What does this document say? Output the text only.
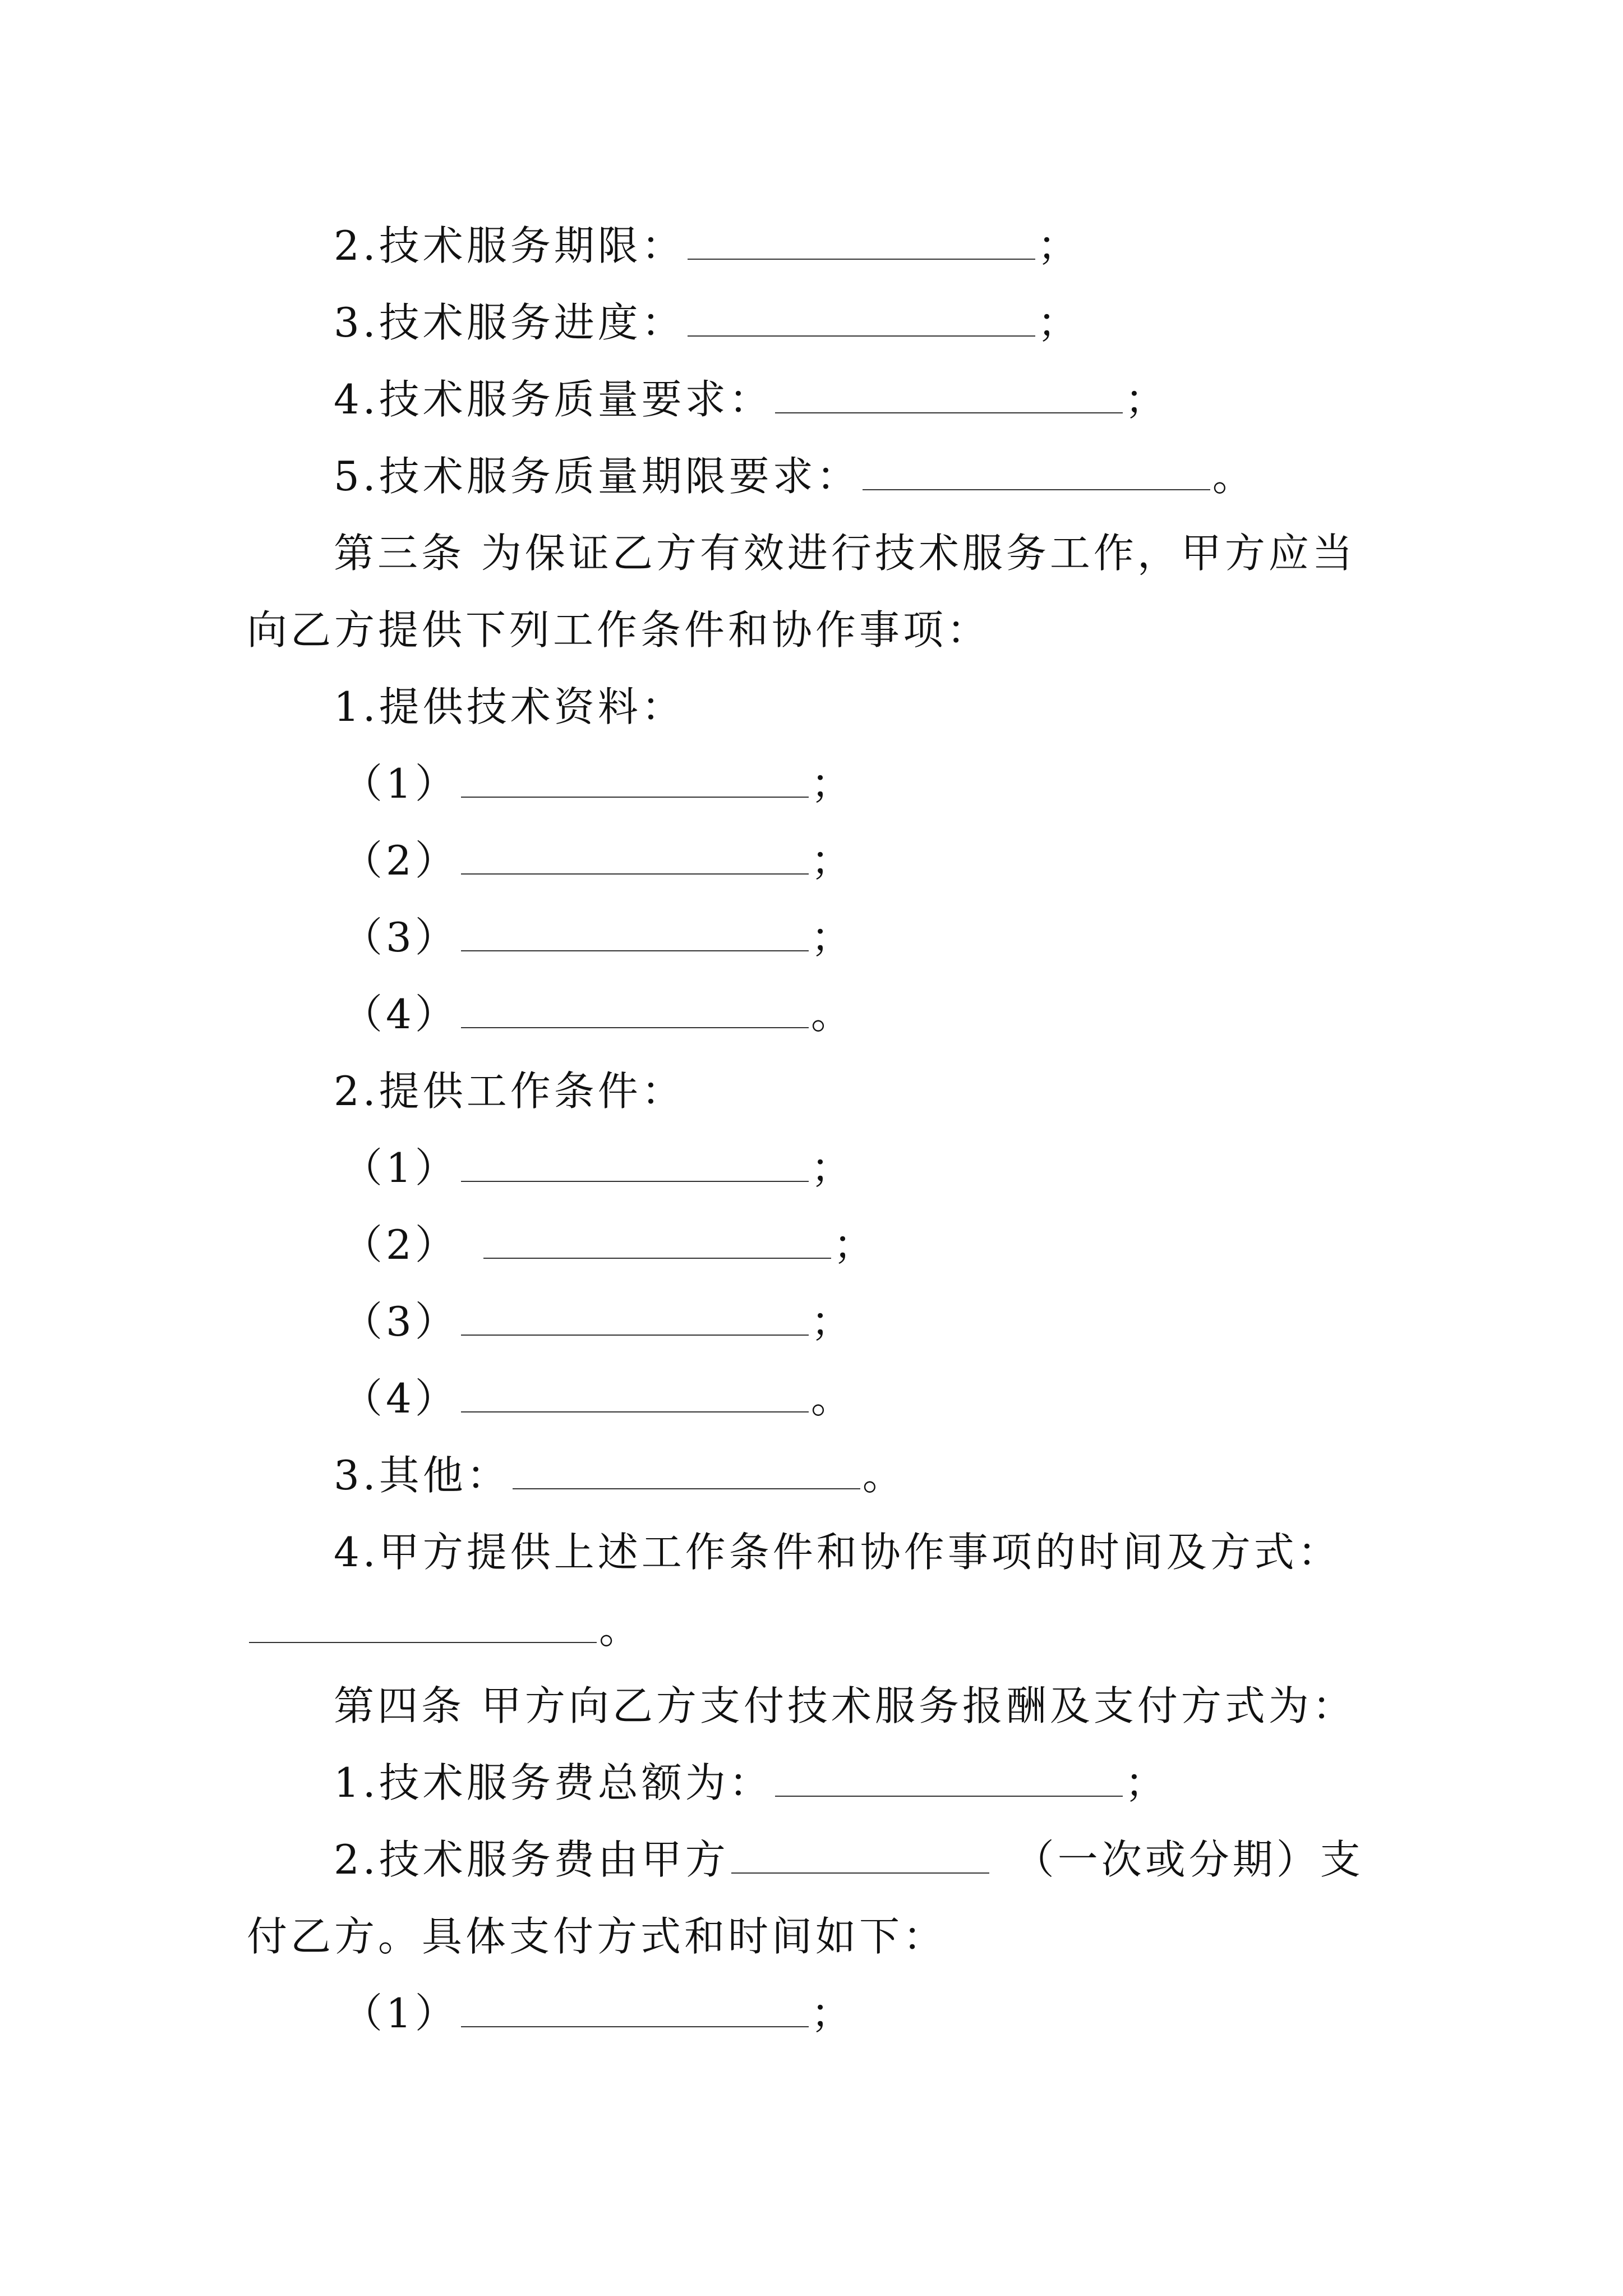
2.技术服务期限：	；
3.技术服务进度：	；
4.技术服务质量要求：	；
5.技术服务质量期限要求：	。
第三条 为保证乙方有效进行技术服务工作，甲方应当
向乙方提供下列工作条件和协作事项：
1.提供技术资料：
（1）	；
（2）	；
（3）	；
（4）	。
2.提供工作条件：
（1）	；
（2）	；
（3）	；
（4）	。
3.其他：	。
4.甲方提供上述工作条件和协作事项的时间及方式：
。
第四条 甲方向乙方支付技术服务报酬及支付方式为：
1.技术服务费总额为：	；
2.技术服务费由甲方	（一次或分期）支
付乙方。具体支付方式和时间如下：
（1）	；
